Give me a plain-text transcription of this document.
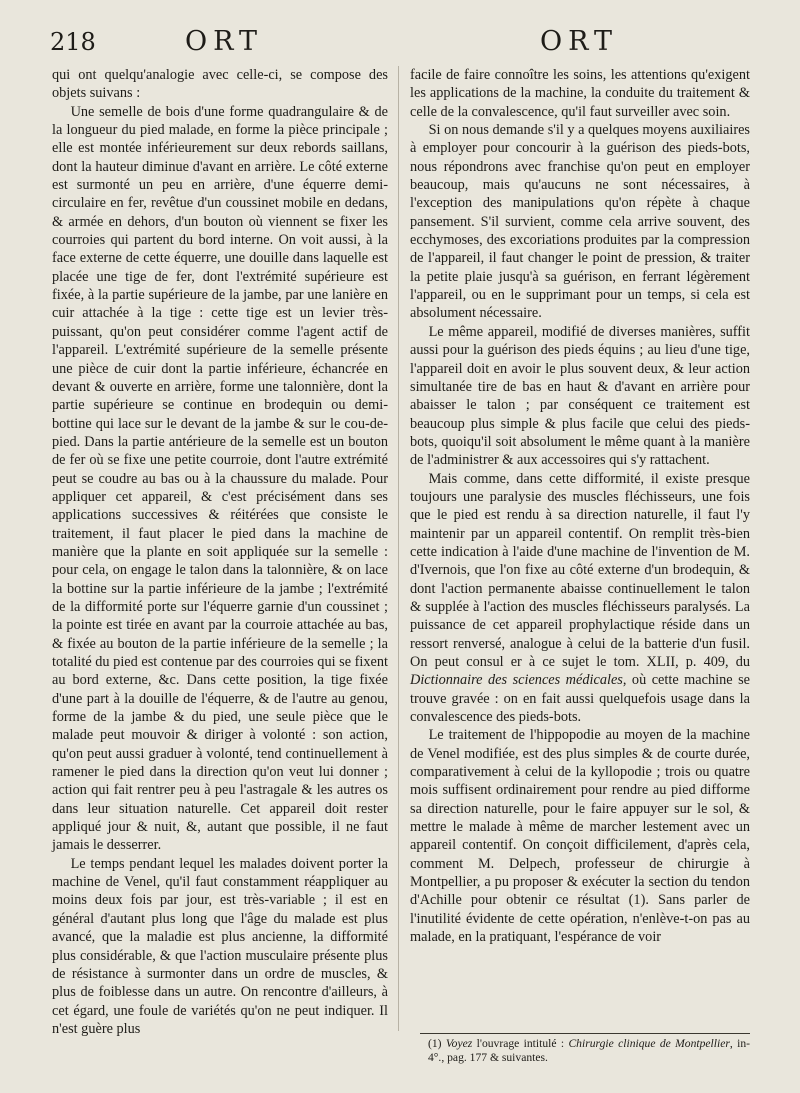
218	ORT	ORT

qui ont quelqu'analogie avec celle-ci, se compose des objets suivans :

Une semelle de bois d'une forme quadrangulaire & de la longueur du pied malade, en forme la pièce principale ; elle est montée inférieurement sur deux rebords saillans, dont la hauteur diminue d'avant en arrière. Le côté externe est surmonté un peu en arrière, d'une équerre demi-circulaire en fer, revêtue d'un coussinet mobile en dedans, & armée en dehors, d'un bouton où viennent se fixer les courroies qui partent du bord interne. On voit aussi, à la face externe de cette équerre, une douille dans laquelle est placée une tige de fer, dont l'extrémité supérieure est fixée, à la partie supérieure de la jambe, par une lanière en cuir attachée à la tige : cette tige est un levier très-puissant, qu'on peut considérer comme l'agent actif de l'appareil. L'extrémité supérieure de la semelle présente une pièce de cuir dont la partie inférieure, échancrée en devant & ouverte en arrière, forme une talonnière, dont la partie supérieure se continue en brodequin ou demi-bottine qui lace sur le devant de la jambe & sur le cou-de-pied. Dans la partie antérieure de la semelle est un bouton de fer où se fixe une petite courroie, dont l'autre extrémité peut se coudre au bas ou à la chaussure du malade. Pour appliquer cet appareil, & c'est précisément dans ses applications successives & réitérées que consiste le traitement, il faut placer le pied dans la machine de manière que la plante en soit appliquée sur la semelle : pour cela, on engage le talon dans la talonnière, & on lace la bottine sur la partie inférieure de la jambe ; l'extrémité de la difformité porte sur l'équerre garnie d'un coussinet ; la pointe est tirée en avant par la courroie attachée au bas, & fixée au bouton de la partie inférieure de la semelle ; la totalité du pied est contenue par des courroies qui se fixent au bord externe, &c. Dans cette position, la tige fixée d'une part à la douille de l'équerre, & de l'autre au genou, forme de la jambe & du pied, une seule pièce que le malade peut mouvoir & diriger à volonté : son action, qu'on peut aussi graduer à volonté, tend continuellement à ramener le pied dans la direction qu'on veut lui donner ; action qui fait rentrer peu à peu l'astragale & les autres os dans leur situation naturelle. Cet appareil doit rester appliqué jour & nuit, &, autant que possible, il ne faut jamais le desserrer.

Le temps pendant lequel les malades doivent porter la machine de Venel, qu'il faut constamment réappliquer au moins deux fois par jour, est très-variable ; il est en général d'autant plus long que l'âge du malade est plus avancé, que la maladie est plus ancienne, la difformité plus considérable, & que l'action musculaire présente plus de résistance à surmonter dans un ordre de muscles, & plus de foiblesse dans un autre. On rencontre d'ailleurs, à cet égard, une foule de variétés qu'on ne peut indiquer. Il n'est guère plus

facile de faire connoître les soins, les attentions qu'exigent les applications de la machine, la conduite du traitement & celle de la convalescence, qu'il faut surveiller avec soin.

Si on nous demande s'il y a quelques moyens auxiliaires à employer pour concourir à la guérison des pieds-bots, nous répondrons avec franchise qu'on peut en employer beaucoup, mais qu'aucuns ne sont nécessaires, à l'exception des manipulations qu'on répète à chaque pansement. S'il survient, comme cela arrive souvent, des ecchymoses, des excoriations produites par la compression de l'appareil, il faut changer le point de pression, & traiter la petite plaie jusqu'à sa guérison, en ferrant légèrement l'appareil, ou en le supprimant pour un temps, si cela est absolument nécessaire.

Le même appareil, modifié de diverses manières, suffit aussi pour la guérison des pieds équins ; au lieu d'une tige, l'appareil doit en avoir le plus souvent deux, & leur action simultanée tire de bas en haut & d'avant en arrière pour abaisser le talon ; par conséquent ce traitement est beaucoup plus simple & plus facile que celui des pieds-bots, quoiqu'il soit absolument le même quant à la manière de l'administrer & aux accessoires qui s'y rattachent.

Mais comme, dans cette difformité, il existe presque toujours une paralysie des muscles fléchisseurs, une fois que le pied est rendu à sa direction naturelle, il faut l'y maintenir par un appareil contentif. On remplit très-bien cette indication à l'aide d'une machine de l'invention de M. d'Ivernois, que l'on fixe au côté externe d'un brodequin, & dont l'action permanente abaisse continuellement le talon & supplée à l'action des muscles fléchisseurs paralysés. La puissance de cet appareil prophylactique réside dans un ressort renversé, analogue à celui de la batterie d'un fusil. On peut consul er à ce sujet le tom. XLII, p. 409, du Dictionnaire des sciences médicales, où cette machine se trouve gravée : on en fait aussi quelquefois usage dans la convalescence des pieds-bots.

Le traitement de l'hippopodie au moyen de la machine de Venel modifiée, est des plus simples & de courte durée, comparativement à celui de la kyllopodie ; trois ou quatre mois suffisent ordinairement pour rendre au pied difforme sa direction naturelle, pour le faire appuyer sur le sol, & mettre le malade à même de marcher lestement avec un appareil contentif. On conçoit difficilement, d'après cela, comment M. Delpech, professeur de chirurgie à Montpellier, a pu proposer & exécuter la section du tendon d'Achille pour obtenir ce résultat (1). Sans parler de l'inutilité évidente de cette opération, n'enlève-t-on pas au malade, en la pratiquant, l'espérance de voir

(1) Voyez l'ouvrage intitulé : Chirurgie clinique de Montpellier, in-4°., pag. 177 & suivantes.
